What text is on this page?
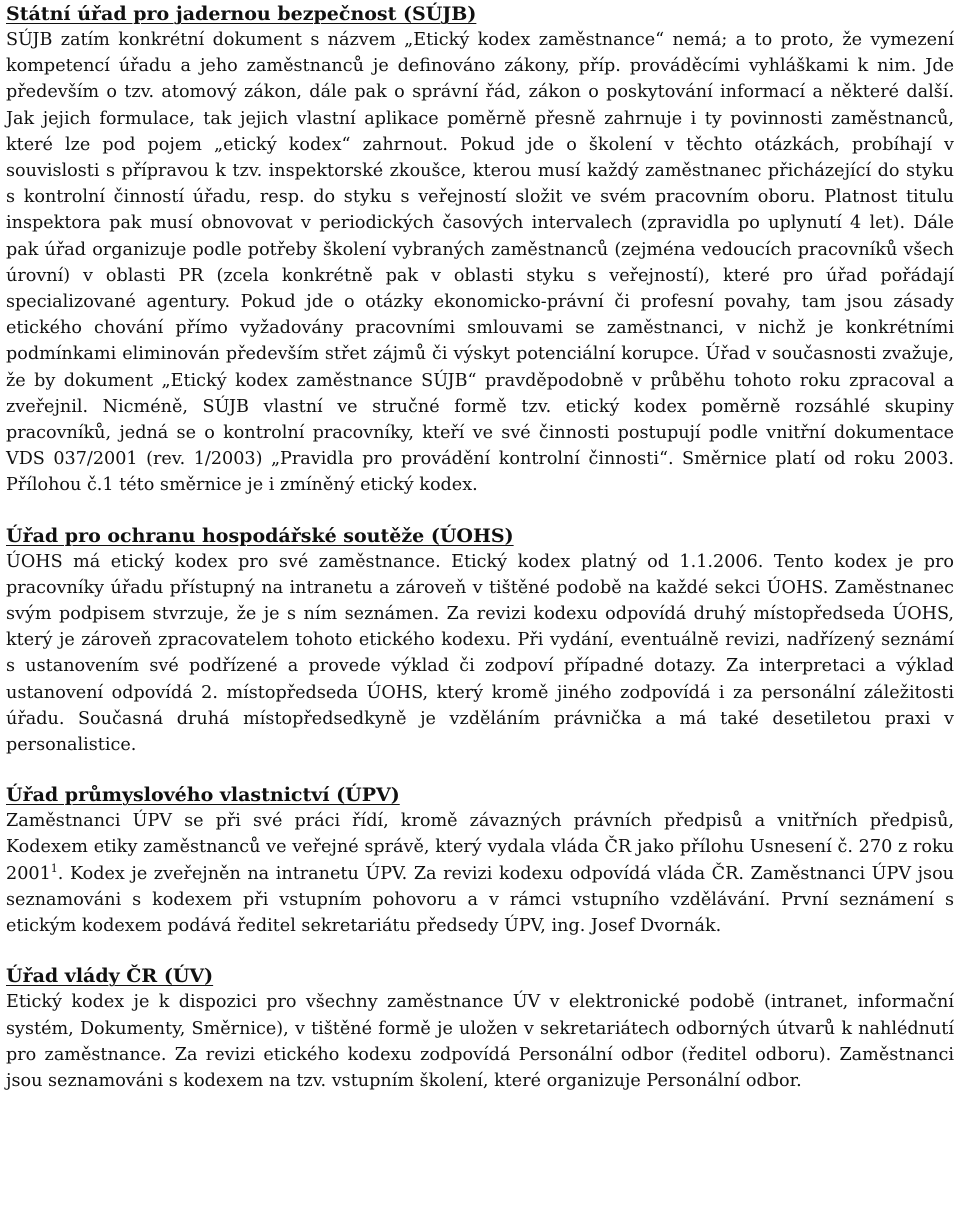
Státní úřad pro jadernou bezpečnost (SÚJB)

SÚJB zatím konkrétní dokument s názvem „Etický kodex zaměstnance“ nemá; a to proto, že vymezení kompetencí úřadu a jeho zaměstnanců je definováno zákony, příp. prováděcími vyhláškami k nim. Jde především o tzv. atomový zákon, dále pak o správní řád, zákon o poskytování informací a některé další. Jak jejich formulace, tak jejich vlastní aplikace poměrně přesně zahrnuje i ty povinnosti zaměstnanců, které lze pod pojem „etický kodex“ zahrnout. Pokud jde o školení v těchto otázkách, probíhají v souvislosti s přípravou k tzv. inspektorské zkoušce, kterou musí každý zaměstnanec přicházející do styku s kontrolní činností úřadu, resp. do styku s veřejností složit ve svém pracovním oboru. Platnost titulu inspektora pak musí obnovovat v periodických časových intervalech (zpravidla po uplynutí 4 let). Dále pak úřad organizuje podle potřeby školení vybraných zaměstnanců (zejména vedoucích pracovníků všech úrovní) v oblasti PR (zcela konkrétně pak v oblasti styku s veřejností), které pro úřad pořádají specializované agentury. Pokud jde o otázky ekonomicko-právní či profesní povahy, tam jsou zásady etického chování přímo vyžadovány pracovními smlouvami se zaměstnanci, v nichž je konkrétními podmínkami eliminován především střet zájmů či výskyt potenciální korupce. Úřad v současnosti zvažuje, že by dokument „Etický kodex zaměstnance SÚJB“ pravděpodobně v průběhu tohoto roku zpracoval a zveřejnil. Nicméně, SÚJB vlastní ve stručné formě tzv. etický kodex poměrně rozsáhlé skupiny pracovníků, jedná se o kontrolní pracovníky, kteří ve své činnosti postupují podle vnitřní dokumentace VDS 037/2001 (rev. 1/2003) „Pravidla pro provádění kontrolní činnosti“. Směrnice platí od roku 2003. Přílohou č.1 této směrnice je i zmíněný etický kodex.

Úřad pro ochranu hospodářské soutěže (ÚOHS)

ÚOHS má etický kodex pro své zaměstnance. Etický kodex platný od 1.1.2006. Tento kodex je pro pracovníky úřadu přístupný na intranetu a zároveň v tištěné podobě na každé sekci ÚOHS. Zaměstnanec svým podpisem stvrzuje, že je s ním seznámen. Za revizi kodexu odpovídá druhý místopředseda ÚOHS, který je zároveň zpracovatelem tohoto etického kodexu. Při vydání, eventuálně revizi, nadřízený seznámí s ustanovením své podřízené a provede výklad či zodpoví případné dotazy. Za interpretaci a výklad ustanovení odpovídá 2. místopředseda ÚOHS, který kromě jiného zodpovídá i za personální záležitosti úřadu. Současná druhá místopředsedkyně je vzděláním právnička a má také desetiletou praxi v personalistice.

Úřad průmyslového vlastnictví (ÚPV)

Zaměstnanci ÚPV se při své práci řídí, kromě závazných právních předpisů a vnitřních předpisů, Kodexem etiky zaměstnanců ve veřejné správě, který vydala vláda ČR jako přílohu Usnesení č. 270 z roku 2001$^1$. Kodex je zveřejněn na intranetu ÚPV. Za revizi kodexu odpovídá vláda ČR. Zaměstnanci ÚPV jsou seznamováni s kodexem při vstupním pohovoru a v rámci vstupního vzdělávání. První seznámení s etickým kodexem podává ředitel sekretariátu předsedy ÚPV, ing. Josef Dvornák.

Úřad vlády ČR (ÚV)

Etický kodex je k dispozici pro všechny zaměstnance ÚV v elektronické podobě (intranet, informační systém, Dokumenty, Směrnice), v tištěné formě je uložen v sekretariátech odborných útvarů k nahlédnutí pro zaměstnance. Za revizi etického kodexu zodpovídá Personální odbor (ředitel odboru). Zaměstnanci jsou seznamováni s kodexem na tzv. vstupním školení, které organizuje Personální odbor.
